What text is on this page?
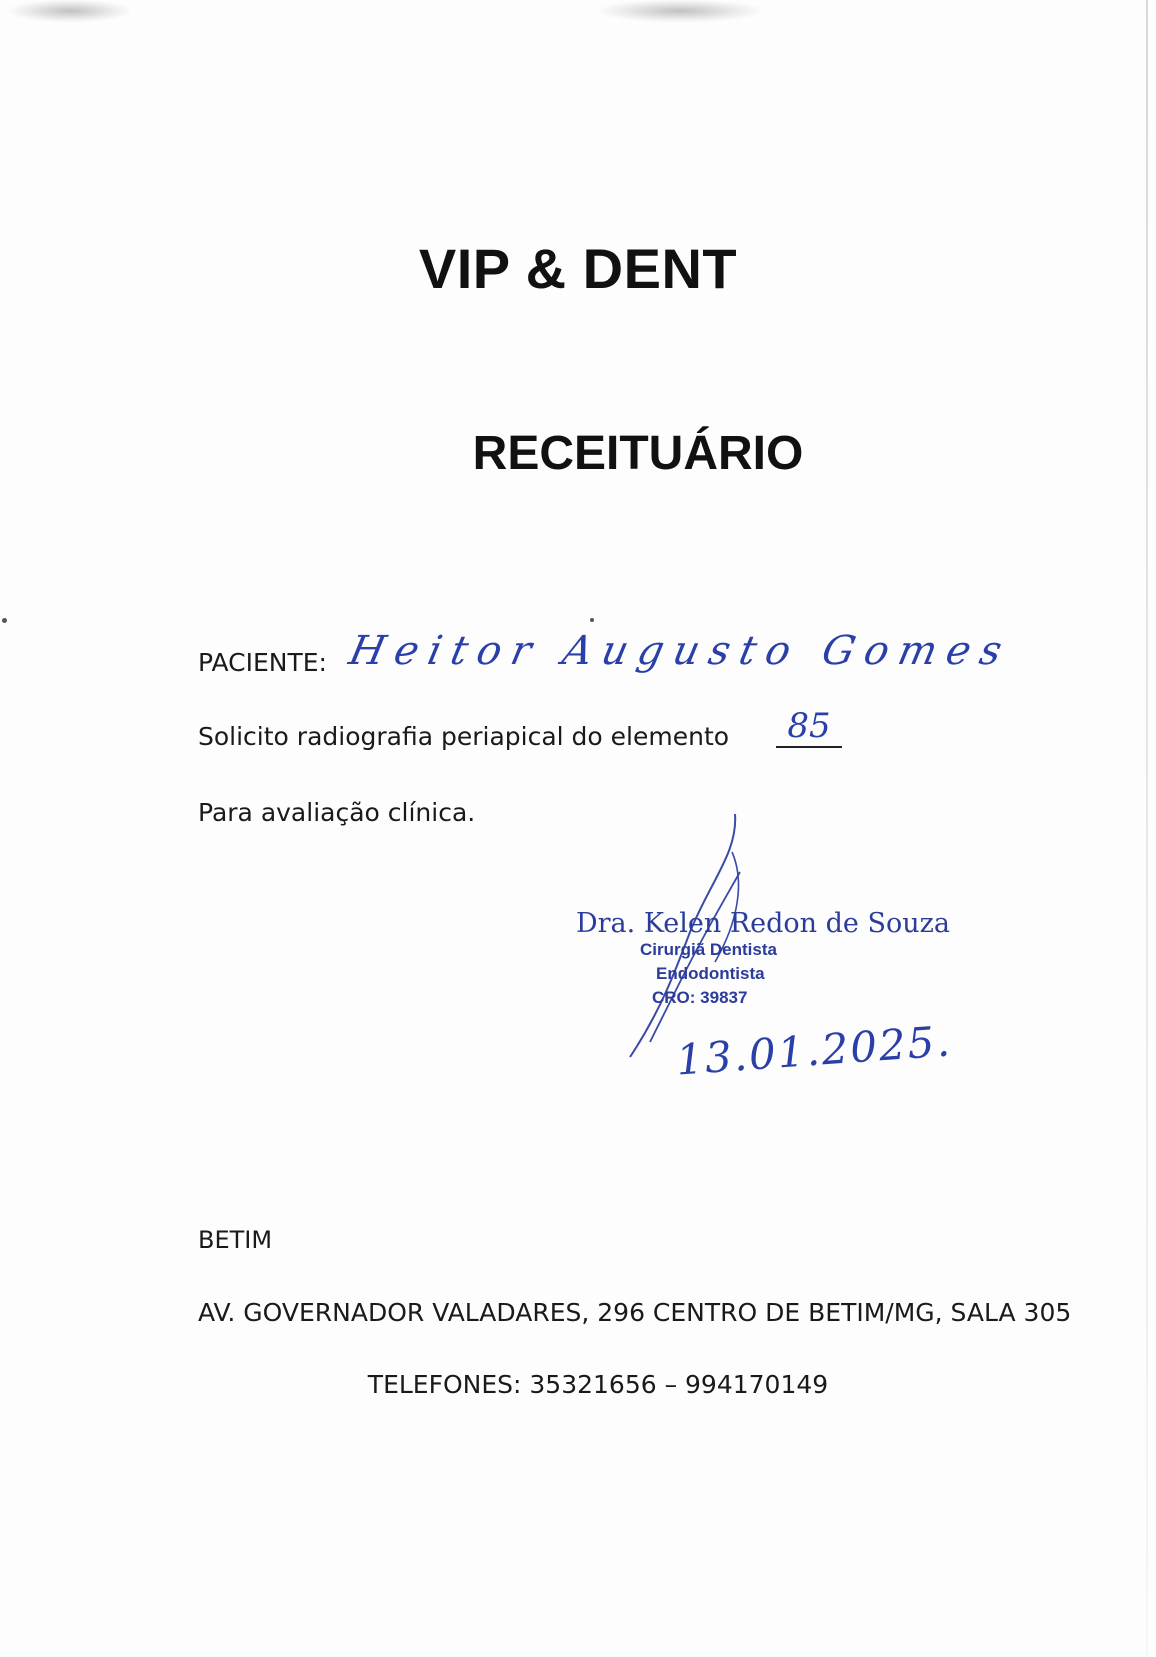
VIP & DENT
RECEITUÁRIO
PACIENTE: Heitor Augusto Gomes
Solicito radiografia periapical do elemento	85
Para avaliação clínica.
Dra. Kelen Redon de Souza
Cirurgiã Dentista
Endodontista
CRO: 39837
13.01.2025.
BETIM
AV. GOVERNADOR VALADARES, 296 CENTRO DE BETIM/MG, SALA 305
TELEFONES: 35321656 – 994170149
